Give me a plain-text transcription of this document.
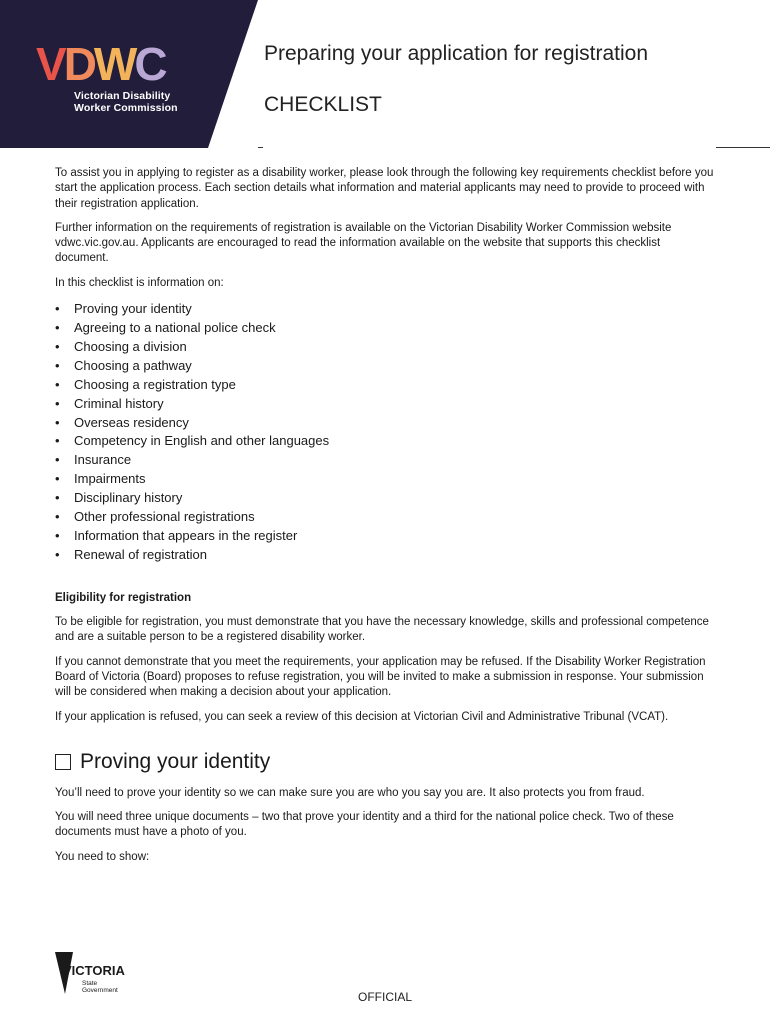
VDWC
Victorian Disability
Worker Commission
Preparing your application for registration
CHECKLIST

To assist you in applying to register as a disability worker, please look through the following key requirements checklist before you start the application process. Each section details what information and material applicants may need to provide to proceed with their registration application.

Further information on the requirements of registration is available on the Victorian Disability Worker Commission website vdwc.vic.gov.au. Applicants are encouraged to read the information available on the website that supports this checklist document.

In this checklist is information on:

• Proving your identity
• Agreeing to a national police check
• Choosing a division
• Choosing a pathway
• Choosing a registration type
• Criminal history
• Overseas residency
• Competency in English and other languages
• Insurance
• Impairments
• Disciplinary history
• Other professional registrations
• Information that appears in the register
• Renewal of registration
Eligibility for registration

To be eligible for registration, you must demonstrate that you have the necessary knowledge, skills and professional competence and are a suitable person to be a registered disability worker.

If you cannot demonstrate that you meet the requirements, your application may be refused. If the Disability Worker Registration Board of Victoria (Board) proposes to refuse registration, you will be invited to make a submission in response. Your submission will be considered when making a decision about your application.

If your application is refused, you can seek a review of this decision at Victorian Civil and Administrative Tribunal (VCAT).

Proving your identity

You’ll need to prove your identity so we can make sure you are who you say you are. It also protects you from fraud.

You will need three unique documents – two that prove your identity and a third for the national police check. Two of these documents must have a photo of you.

You need to show:

VICTORIA
State
Government	OFFICIAL
